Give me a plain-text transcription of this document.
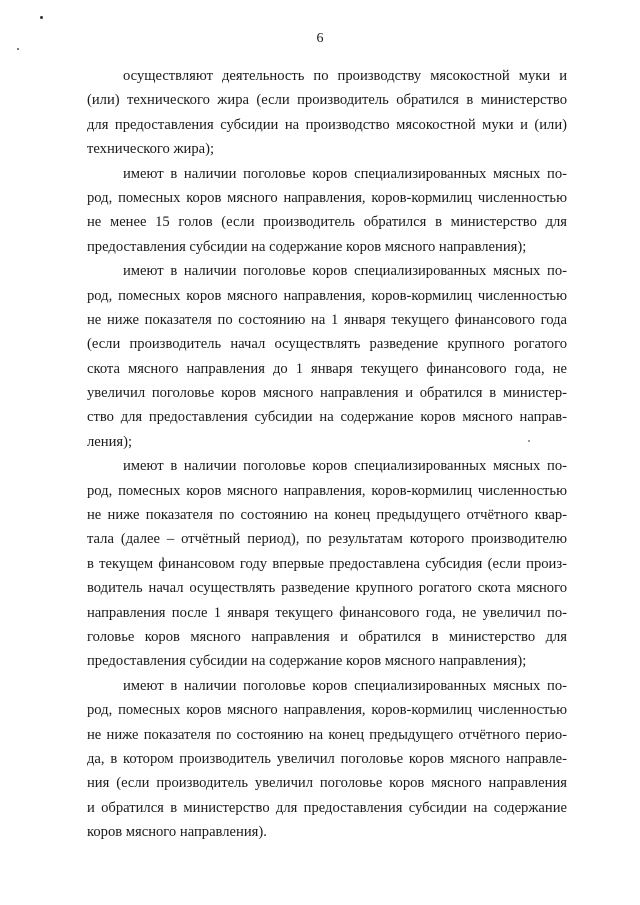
6

осуществляют деятельность по производству мясокостной муки и
(или) технического жира (если производитель обратился в министерство
для предоставления субсидии на производство мясокостной муки и (или)
технического жира);

имеют в наличии поголовье коров специализированных мясных по-
род, помесных коров мясного направления, коров-кормилиц численностью
не менее 15 голов (если производитель обратился в министерство для
предоставления субсидии на содержание коров мясного направления);

имеют в наличии поголовье коров специализированных мясных по-
род, помесных коров мясного направления, коров-кормилиц численностью
не ниже показателя по состоянию на 1 января текущего финансового года
(если производитель начал осуществлять разведение крупного рогатого
скота мясного направления до 1 января текущего финансового года, не
увеличил поголовье коров мясного направления и обратился в министер-
ство для предоставления субсидии на содержание коров мясного направ-
ления);

имеют в наличии поголовье коров специализированных мясных по-
род, помесных коров мясного направления, коров-кормилиц численностью
не ниже показателя по состоянию на конец предыдущего отчётного квар-
тала (далее – отчётный период), по результатам которого производителю
в текущем финансовом году впервые предоставлена субсидия (если произ-
водитель начал осуществлять разведение крупного рогатого скота мясного
направления после 1 января текущего финансового года, не увеличил по-
головье коров мясного направления и обратился в министерство для
предоставления субсидии на содержание коров мясного направления);

имеют в наличии поголовье коров специализированных мясных по-
род, помесных коров мясного направления, коров-кормилиц численностью
не ниже показателя по состоянию на конец предыдущего отчётного перио-
да, в котором производитель увеличил поголовье коров мясного направле-
ния (если производитель увеличил поголовье коров мясного направления
и обратился в министерство для предоставления субсидии на содержание
коров мясного направления).
